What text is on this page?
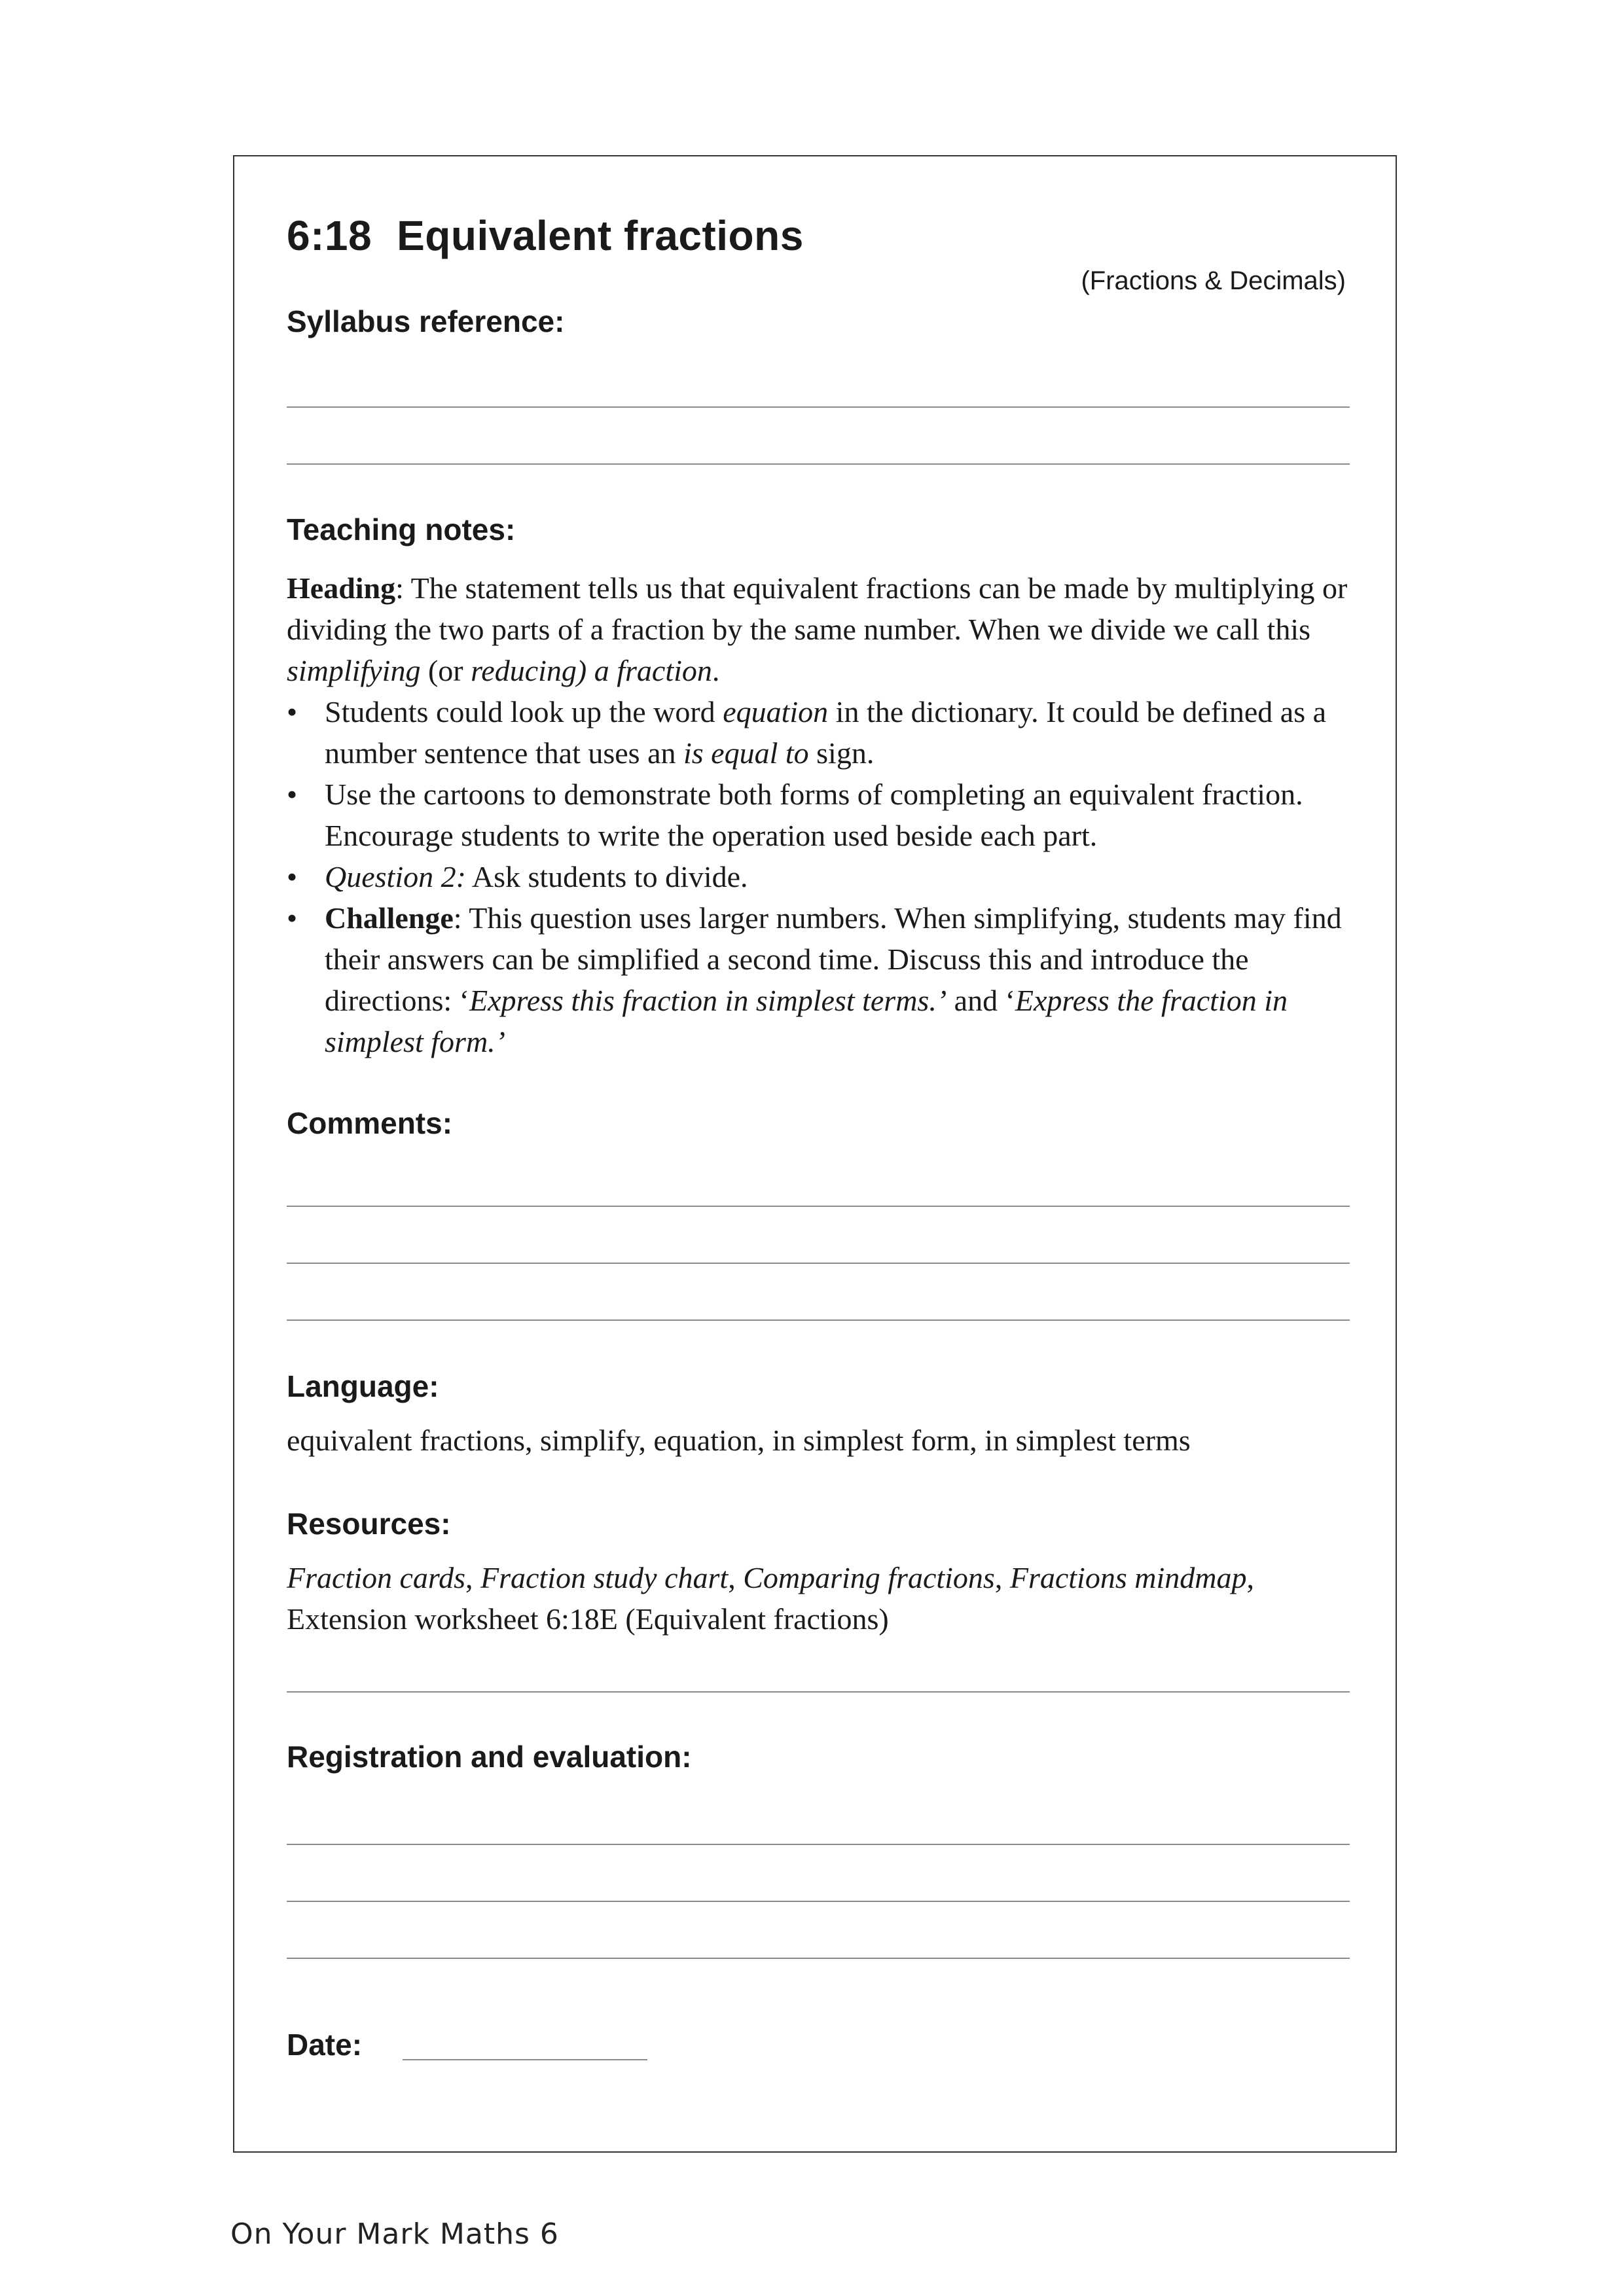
6:18 Equivalent fractions
(Fractions & Decimals)
Syllabus reference:
Teaching notes:

Heading: The statement tells us that equivalent fractions can be made by multiplying or dividing the two parts of a fraction by the same number. When we divide we call this simplifying (or reducing) a fraction.

• Students could look up the word equation in the dictionary. It could be defined as a number sentence that uses an is equal to sign.
• Use the cartoons to demonstrate both forms of completing an equivalent fraction. Encourage students to write the operation used beside each part.
• Question 2: Ask students to divide.
• Challenge: This question uses larger numbers. When simplifying, students may find their answers can be simplified a second time. Discuss this and introduce the directions: ‘Express this fraction in simplest terms.’ and ‘Express the fraction in simplest form.’
Comments:
Language:
equivalent fractions, simplify, equation, in simplest form, in simplest terms
Resources:

Fraction cards, Fraction study chart, Comparing fractions, Fractions mindmap,
Extension worksheet 6:18E (Equivalent fractions)

Registration and evaluation:
Date:
On Your Mark Maths 6
